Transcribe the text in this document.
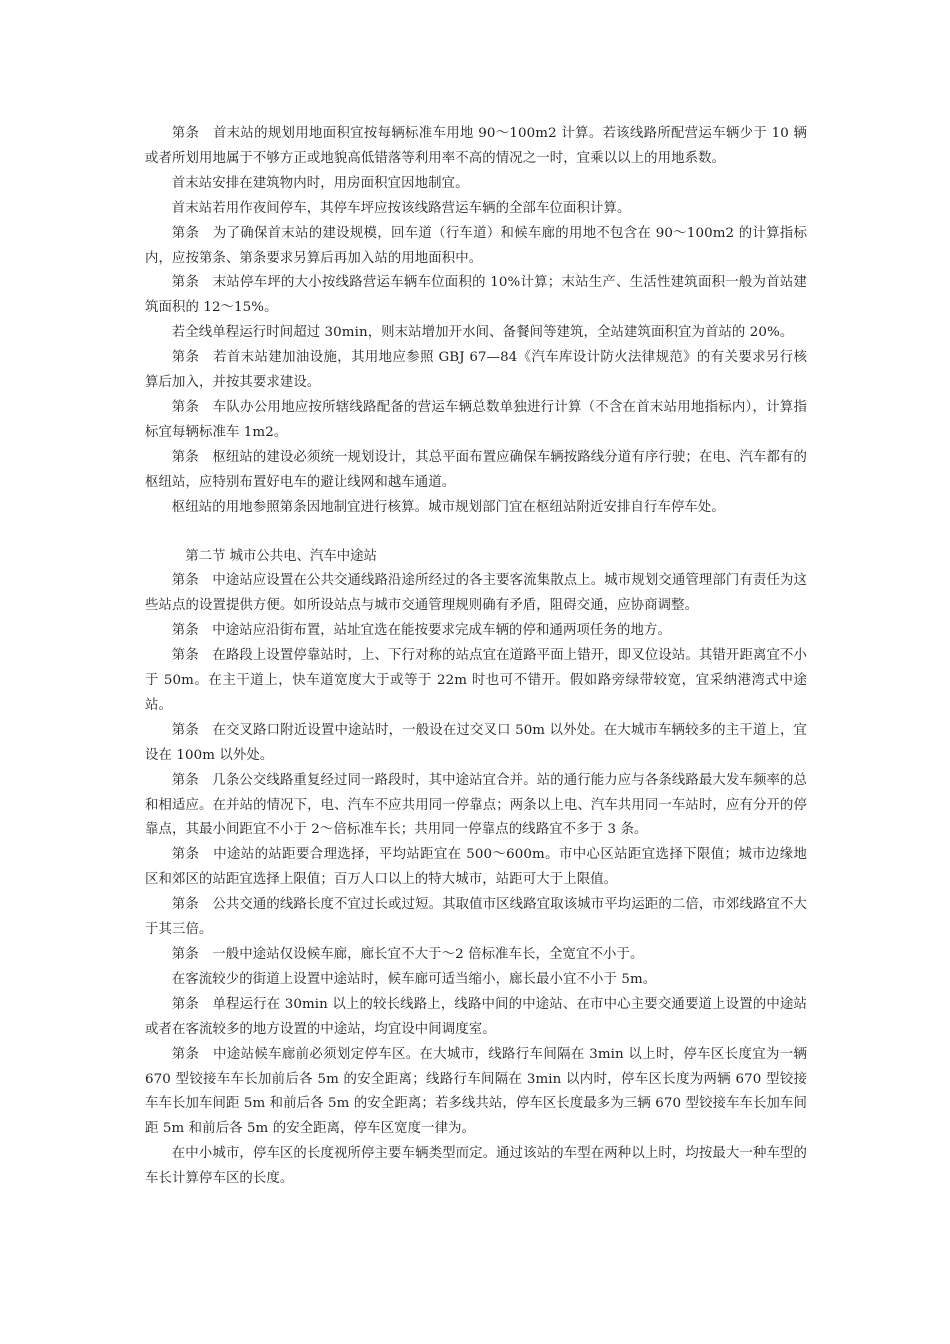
第条　首末站的规划用地面积宜按每辆标准车用地 90～100m2 计算。若该线路所配营运车辆少于 10 辆或者所划用地属于不够方正或地貌高低错落等利用率不高的情况之一时，宜乘以以上的用地系数。

首末站安排在建筑物内时，用房面积宜因地制宜。

首末站若用作夜间停车，其停车坪应按该线路营运车辆的全部车位面积计算。

第条　为了确保首末站的建设规模，回车道（行车道）和候车廊的用地不包含在 90～100m2 的计算指标内，应按第条、第条要求另算后再加入站的用地面积中。

第条　末站停车坪的大小按线路营运车辆车位面积的 10%计算；末站生产、生活性建筑面积一般为首站建筑面积的 12～15%。

若全线单程运行时间超过 30min，则末站增加开水间、备餐间等建筑，全站建筑面积宜为首站的 20%。

第条　若首末站建加油设施，其用地应参照 GBJ 67—84《汽车库设计防火法律规范》的有关要求另行核算后加入，并按其要求建设。

第条　车队办公用地应按所辖线路配备的营运车辆总数单独进行计算（不含在首末站用地指标内），计算指标宜每辆标准车 1m2。

第条　枢纽站的建设必须统一规划设计，其总平面布置应确保车辆按路线分道有序行驶；在电、汽车都有的枢纽站，应特别布置好电车的避让线网和越车通道。

枢纽站的用地参照第条因地制宜进行核算。城市规划部门宜在枢纽站附近安排自行车停车处。

第二节 城市公共电、汽车中途站

第条　中途站应设置在公共交通线路沿途所经过的各主要客流集散点上。城市规划交通管理部门有责任为这些站点的设置提供方便。如所设站点与城市交通管理规则确有矛盾，阻碍交通，应协商调整。

第条　中途站应沿街布置，站址宜选在能按要求完成车辆的停和通两项任务的地方。

第条　在路段上设置停靠站时，上、下行对称的站点宜在道路平面上错开，即叉位设站。其错开距离宜不小于 50m。在主干道上，快车道宽度大于或等于 22m 时也可不错开。假如路旁绿带较宽，宜采纳港湾式中途站。

第条　在交叉路口附近设置中途站时，一般设在过交叉口 50m 以外处。在大城市车辆较多的主干道上，宜设在 100m 以外处。

第条　几条公交线路重复经过同一路段时，其中途站宜合并。站的通行能力应与各条线路最大发车频率的总和相适应。在并站的情况下，电、汽车不应共用同一停靠点；两条以上电、汽车共用同一车站时，应有分开的停靠点，其最小间距宜不小于 2～倍标准车长；共用同一停靠点的线路宜不多于 3 条。

第条　中途站的站距要合理选择，平均站距宜在 500～600m。市中心区站距宜选择下限值；城市边缘地区和郊区的站距宜选择上限值；百万人口以上的特大城市，站距可大于上限值。

第条　公共交通的线路长度不宜过长或过短。其取值市区线路宜取该城市平均运距的二倍，市郊线路宜不大于其三倍。

第条　一般中途站仅设候车廊，廊长宜不大于～2 倍标准车长，全宽宜不小于。

在客流较少的街道上设置中途站时，候车廊可适当缩小，廊长最小宜不小于 5m。

第条　单程运行在 30min 以上的较长线路上，线路中间的中途站、在市中心主要交通要道上设置的中途站或者在客流较多的地方设置的中途站，均宜设中间调度室。

第条　中途站候车廊前必须划定停车区。在大城市，线路行车间隔在 3min 以上时，停车区长度宜为一辆 670 型铰接车车长加前后各 5m 的安全距离；线路行车间隔在 3min 以内时，停车区长度为两辆 670 型铰接车车长加车间距 5m 和前后各 5m 的安全距离；若多线共站，停车区长度最多为三辆 670 型铰接车车长加车间距 5m 和前后各 5m 的安全距离，停车区宽度一律为。

在中小城市，停车区的长度视所停主要车辆类型而定。通过该站的车型在两种以上时，均按最大一种车型的车长计算停车区的长度。
